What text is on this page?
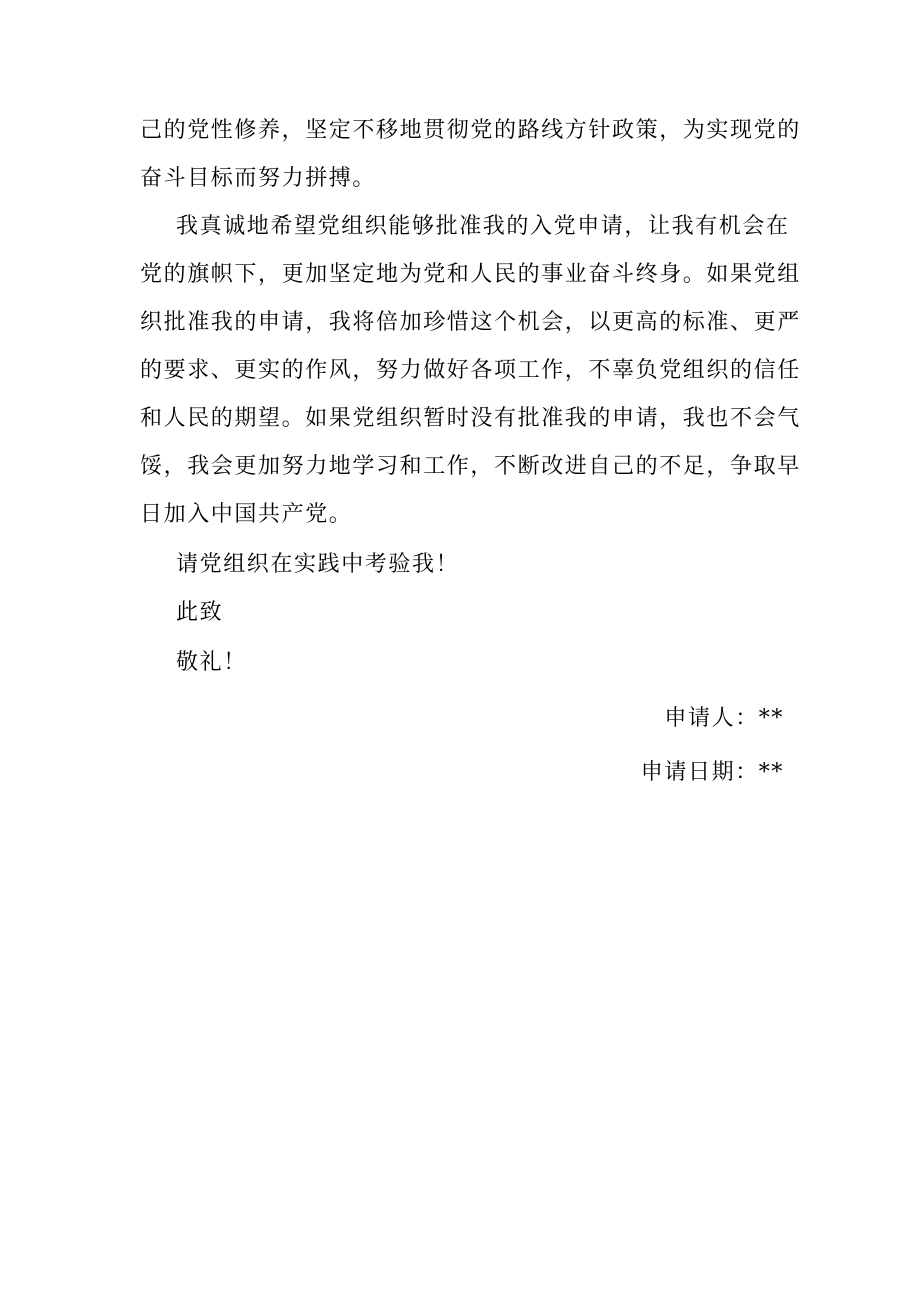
己的党性修养，坚定不移地贯彻党的路线方针政策，为实现党的
奋斗目标而努力拼搏。
我真诚地希望党组织能够批准我的入党申请，让我有机会在
党的旗帜下，更加坚定地为党和人民的事业奋斗终身。如果党组
织批准我的申请，我将倍加珍惜这个机会，以更高的标准、更严
的要求、更实的作风，努力做好各项工作，不辜负党组织的信任
和人民的期望。如果党组织暂时没有批准我的申请，我也不会气
馁，我会更加努力地学习和工作，不断改进自己的不足，争取早
日加入中国共产党。
请党组织在实践中考验我！
此致
敬礼！
申请人：**
申请日期：**
